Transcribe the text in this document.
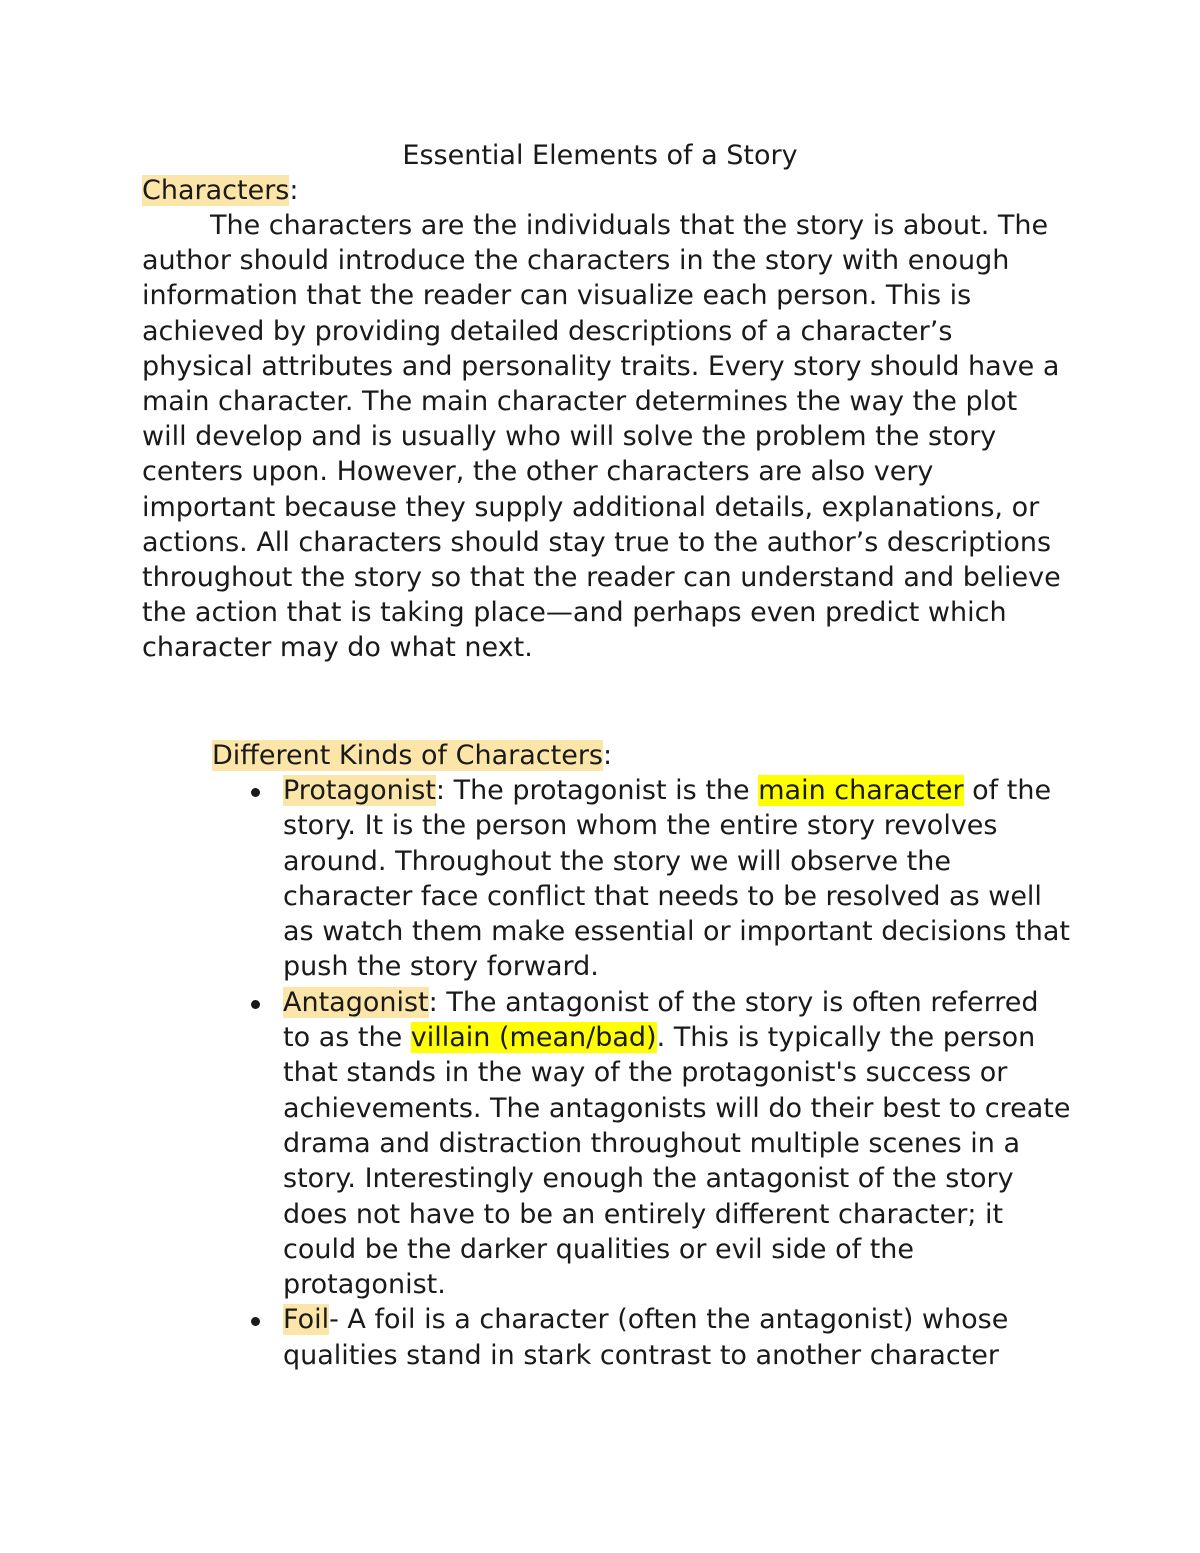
Essential Elements of a Story
Characters:

The characters are the individuals that the story is about. The author should introduce the characters in the story with enough information that the reader can visualize each person. This is achieved by providing detailed descriptions of a character’s physical attributes and personality traits. Every story should have a main character. The main character determines the way the plot will develop and is usually who will solve the problem the story centers upon. However, the other characters are also very important because they supply additional details, explanations, or actions. All characters should stay true to the author’s descriptions throughout the story so that the reader can understand and believe the action that is taking place—and perhaps even predict which character may do what next.

Different Kinds of Characters:
Protagonist: The protagonist is the main character of the story. It is the person whom the entire story revolves around. Throughout the story we will observe the character face conflict that needs to be resolved as well as watch them make essential or important decisions that push the story forward.
Antagonist: The antagonist of the story is often referred to as the villain (mean/bad). This is typically the person that stands in the way of the protagonist's success or achievements. The antagonists will do their best to create drama and distraction throughout multiple scenes in a story. Interestingly enough the antagonist of the story does not have to be an entirely different character; it could be the darker qualities or evil side of the protagonist.
Foil- A foil is a character (often the antagonist) whose qualities stand in stark contrast to another character
